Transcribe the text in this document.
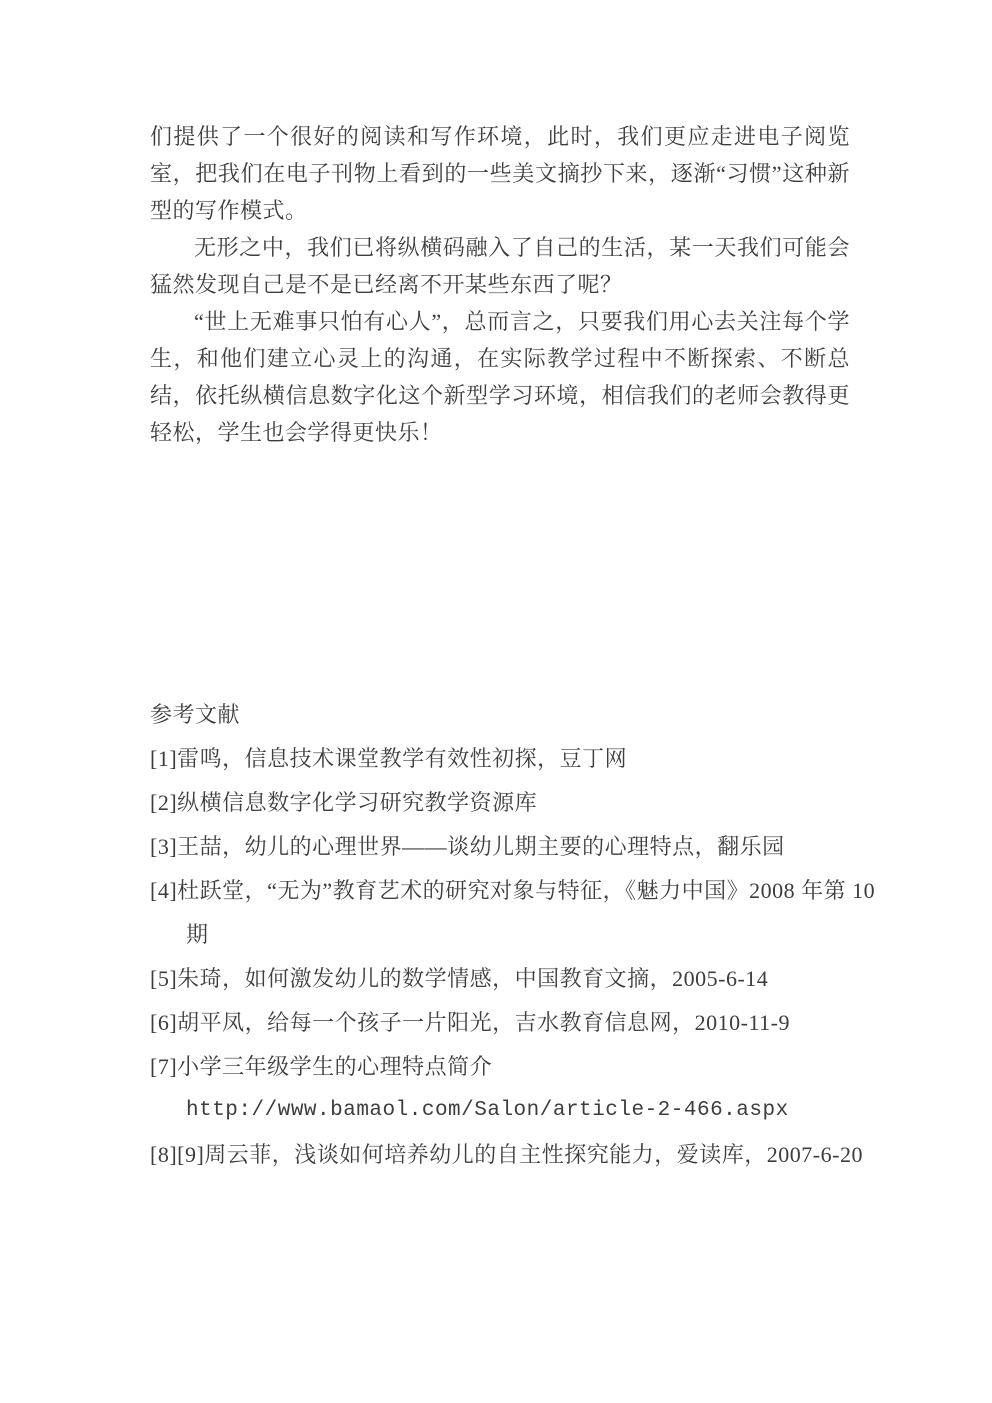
们提供了一个很好的阅读和写作环境，此时，我们更应走进电子阅览室，把我们在电子刊物上看到的一些美文摘抄下来，逐渐“习惯”这种新型的写作模式。

无形之中，我们已将纵横码融入了自己的生活，某一天我们可能会猛然发现自己是不是已经离不开某些东西了呢？

“世上无难事只怕有心人”，总而言之，只要我们用心去关注每个学生，和他们建立心灵上的沟通，在实际教学过程中不断探索、不断总结，依托纵横信息数字化这个新型学习环境，相信我们的老师会教得更轻松，学生也会学得更快乐！

参考文献
[1]雷鸣，信息技术课堂教学有效性初探，豆丁网
[2]纵横信息数字化学习研究教学资源库
[3]王喆，幼儿的心理世界——谈幼儿期主要的心理特点，翻乐园
[4]杜跃堂，“无为”教育艺术的研究对象与特征，《魅力中国》2008 年第 10
期
[5]朱琦，如何激发幼儿的数学情感，中国教育文摘，2005-6-14
[6]胡平凤，给每一个孩子一片阳光，吉水教育信息网，2010-11-9
[7]小学三年级学生的心理特点简介
http://www.bamaol.com/Salon/article-2-466.aspx
[8][9]周云菲，浅谈如何培养幼儿的自主性探究能力，爱读库，2007-6-20
